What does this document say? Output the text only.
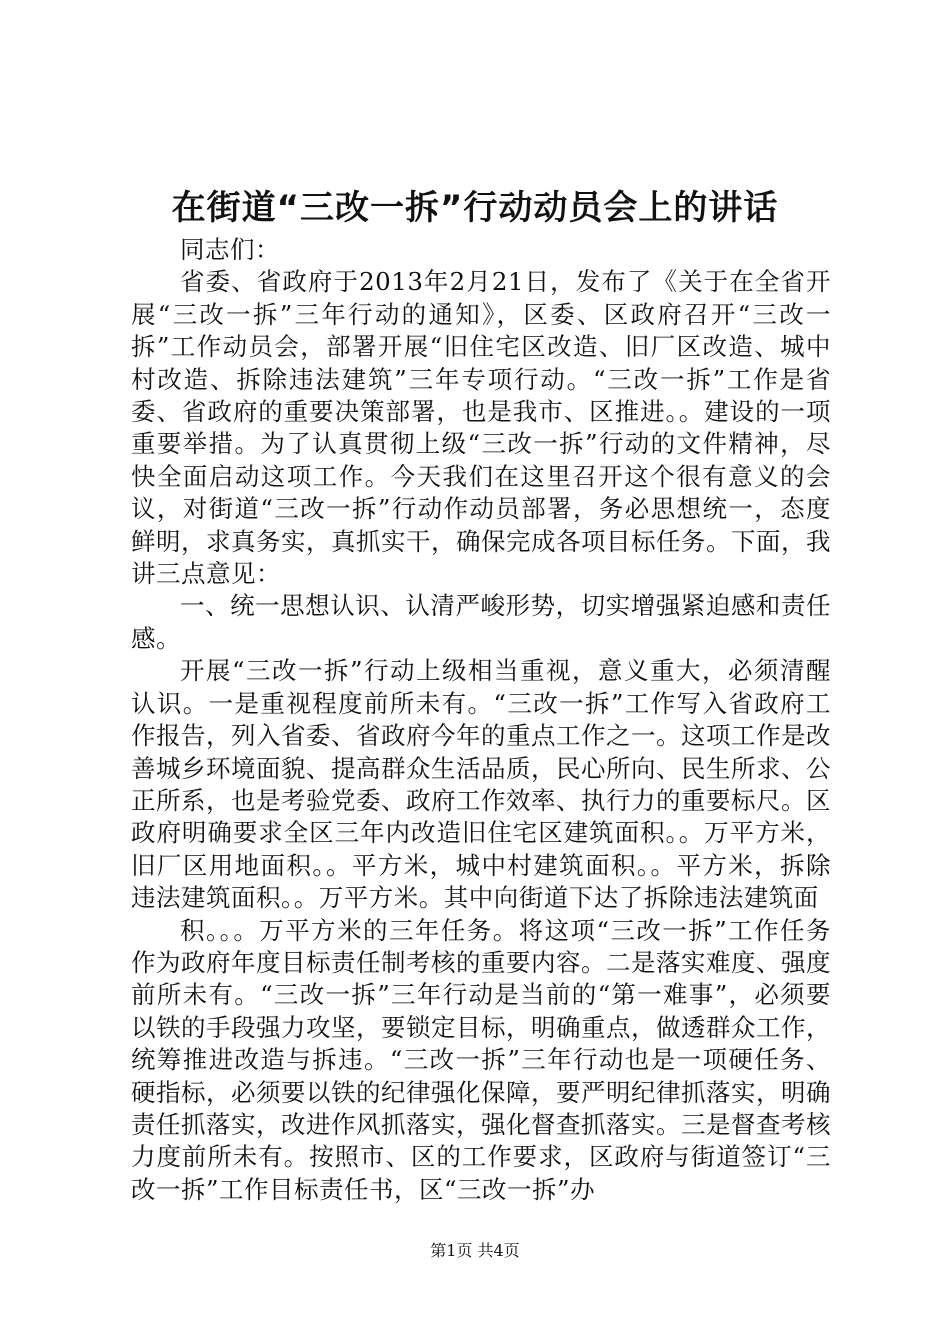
在街道“三改一拆”行动动员会上的讲话

同志们：

省委、省政府于2013年2月21日，发布了《关于在全省开展“三改一拆”三年行动的通知》，区委、区政府召开“三改一拆”工作动员会，部署开展“旧住宅区改造、旧厂区改造、城中村改造、拆除违法建筑”三年专项行动。“三改一拆”工作是省委、省政府的重要决策部署，也是我市、区推进。。建设的一项重要举措。为了认真贯彻上级“三改一拆”行动的文件精神，尽快全面启动这项工作。今天我们在这里召开这个很有意义的会议，对街道“三改一拆”行动作动员部署，务必思想统一，态度鲜明，求真务实，真抓实干，确保完成各项目标任务。下面，我讲三点意见：

一、统一思想认识、认清严峻形势，切实增强紧迫感和责任感。

开展“三改一拆”行动上级相当重视，意义重大，必须清醒认识。一是重视程度前所未有。“三改一拆”工作写入省政府工作报告，列入省委、省政府今年的重点工作之一。这项工作是改善城乡环境面貌、提高群众生活品质，民心所向、民生所求、公正所系，也是考验党委、政府工作效率、执行力的重要标尺。区政府明确要求全区三年内改造旧住宅区建筑面积。。万平方米，旧厂区用地面积。。平方米，城中村建筑面积。。平方米，拆除违法建筑面积。。万平方米。其中向街道下达了拆除违法建筑面

积。。。万平方米的三年任务。将这项“三改一拆”工作任务作为政府年度目标责任制考核的重要内容。二是落实难度、强度前所未有。“三改一拆”三年行动是当前的“第一难事”，必须要以铁的手段强力攻坚，要锁定目标，明确重点，做透群众工作，统筹推进改造与拆违。“三改一拆”三年行动也是一项硬任务、硬指标，必须要以铁的纪律强化保障，要严明纪律抓落实，明确责任抓落实，改进作风抓落实，强化督查抓落实。三是督查考核力度前所未有。按照市、区的工作要求，区政府与街道签订“三改一拆”工作目标责任书，区“三改一拆”办

第1页 共4页
